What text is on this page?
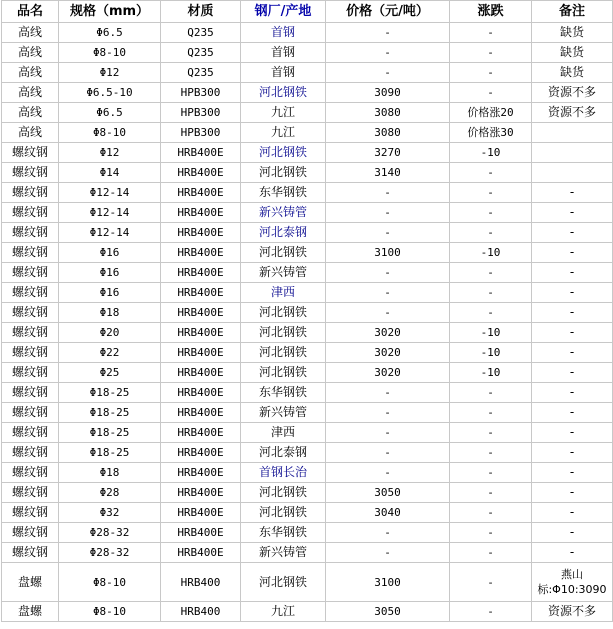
品名	规格（mm）	材质	钢厂/产地	价格（元/吨）	涨跌	备注
高线	Φ6.5	Q235	首钢	-	-	缺货
高线	Φ8-10	Q235	首钢	-	-	缺货
高线	Φ12	Q235	首钢	-	-	缺货
高线	Φ6.5-10	HPB300	河北钢铁	3090	-	资源不多
高线	Φ6.5	HPB300	九江	3080	价格涨20	资源不多
高线	Φ8-10	HPB300	九江	3080	价格涨30	
螺纹钢	Φ12	HRB400E	河北钢铁	3270	-10	
螺纹钢	Φ14	HRB400E	河北钢铁	3140	-	
螺纹钢	Φ12-14	HRB400E	东华钢铁	-	-	-
螺纹钢	Φ12-14	HRB400E	新兴铸管	-	-	-
螺纹钢	Φ12-14	HRB400E	河北泰钢	-	-	-
螺纹钢	Φ16	HRB400E	河北钢铁	3100	-10	-
螺纹钢	Φ16	HRB400E	新兴铸管	-	-	-
螺纹钢	Φ16	HRB400E	津西	-	-	-
螺纹钢	Φ18	HRB400E	河北钢铁	-	-	-
螺纹钢	Φ20	HRB400E	河北钢铁	3020	-10	-
螺纹钢	Φ22	HRB400E	河北钢铁	3020	-10	-
螺纹钢	Φ25	HRB400E	河北钢铁	3020	-10	-
螺纹钢	Φ18-25	HRB400E	东华钢铁	-	-	-
螺纹钢	Φ18-25	HRB400E	新兴铸管	-	-	-
螺纹钢	Φ18-25	HRB400E	津西	-	-	-
螺纹钢	Φ18-25	HRB400E	河北泰钢	-	-	-
螺纹钢	Φ18	HRB400E	首钢长治	-	-	-
螺纹钢	Φ28	HRB400E	河北钢铁	3050	-	-
螺纹钢	Φ32	HRB400E	河北钢铁	3040	-	-
螺纹钢	Φ28-32	HRB400E	东华钢铁	-	-	-
螺纹钢	Φ28-32	HRB400E	新兴铸管	-	-	-
盘螺	Φ8-10	HRB400	河北钢铁	3100	-	燕山
标:Φ10:3090

盘螺	Φ8-10	HRB400	九江	3050	-	资源不多
